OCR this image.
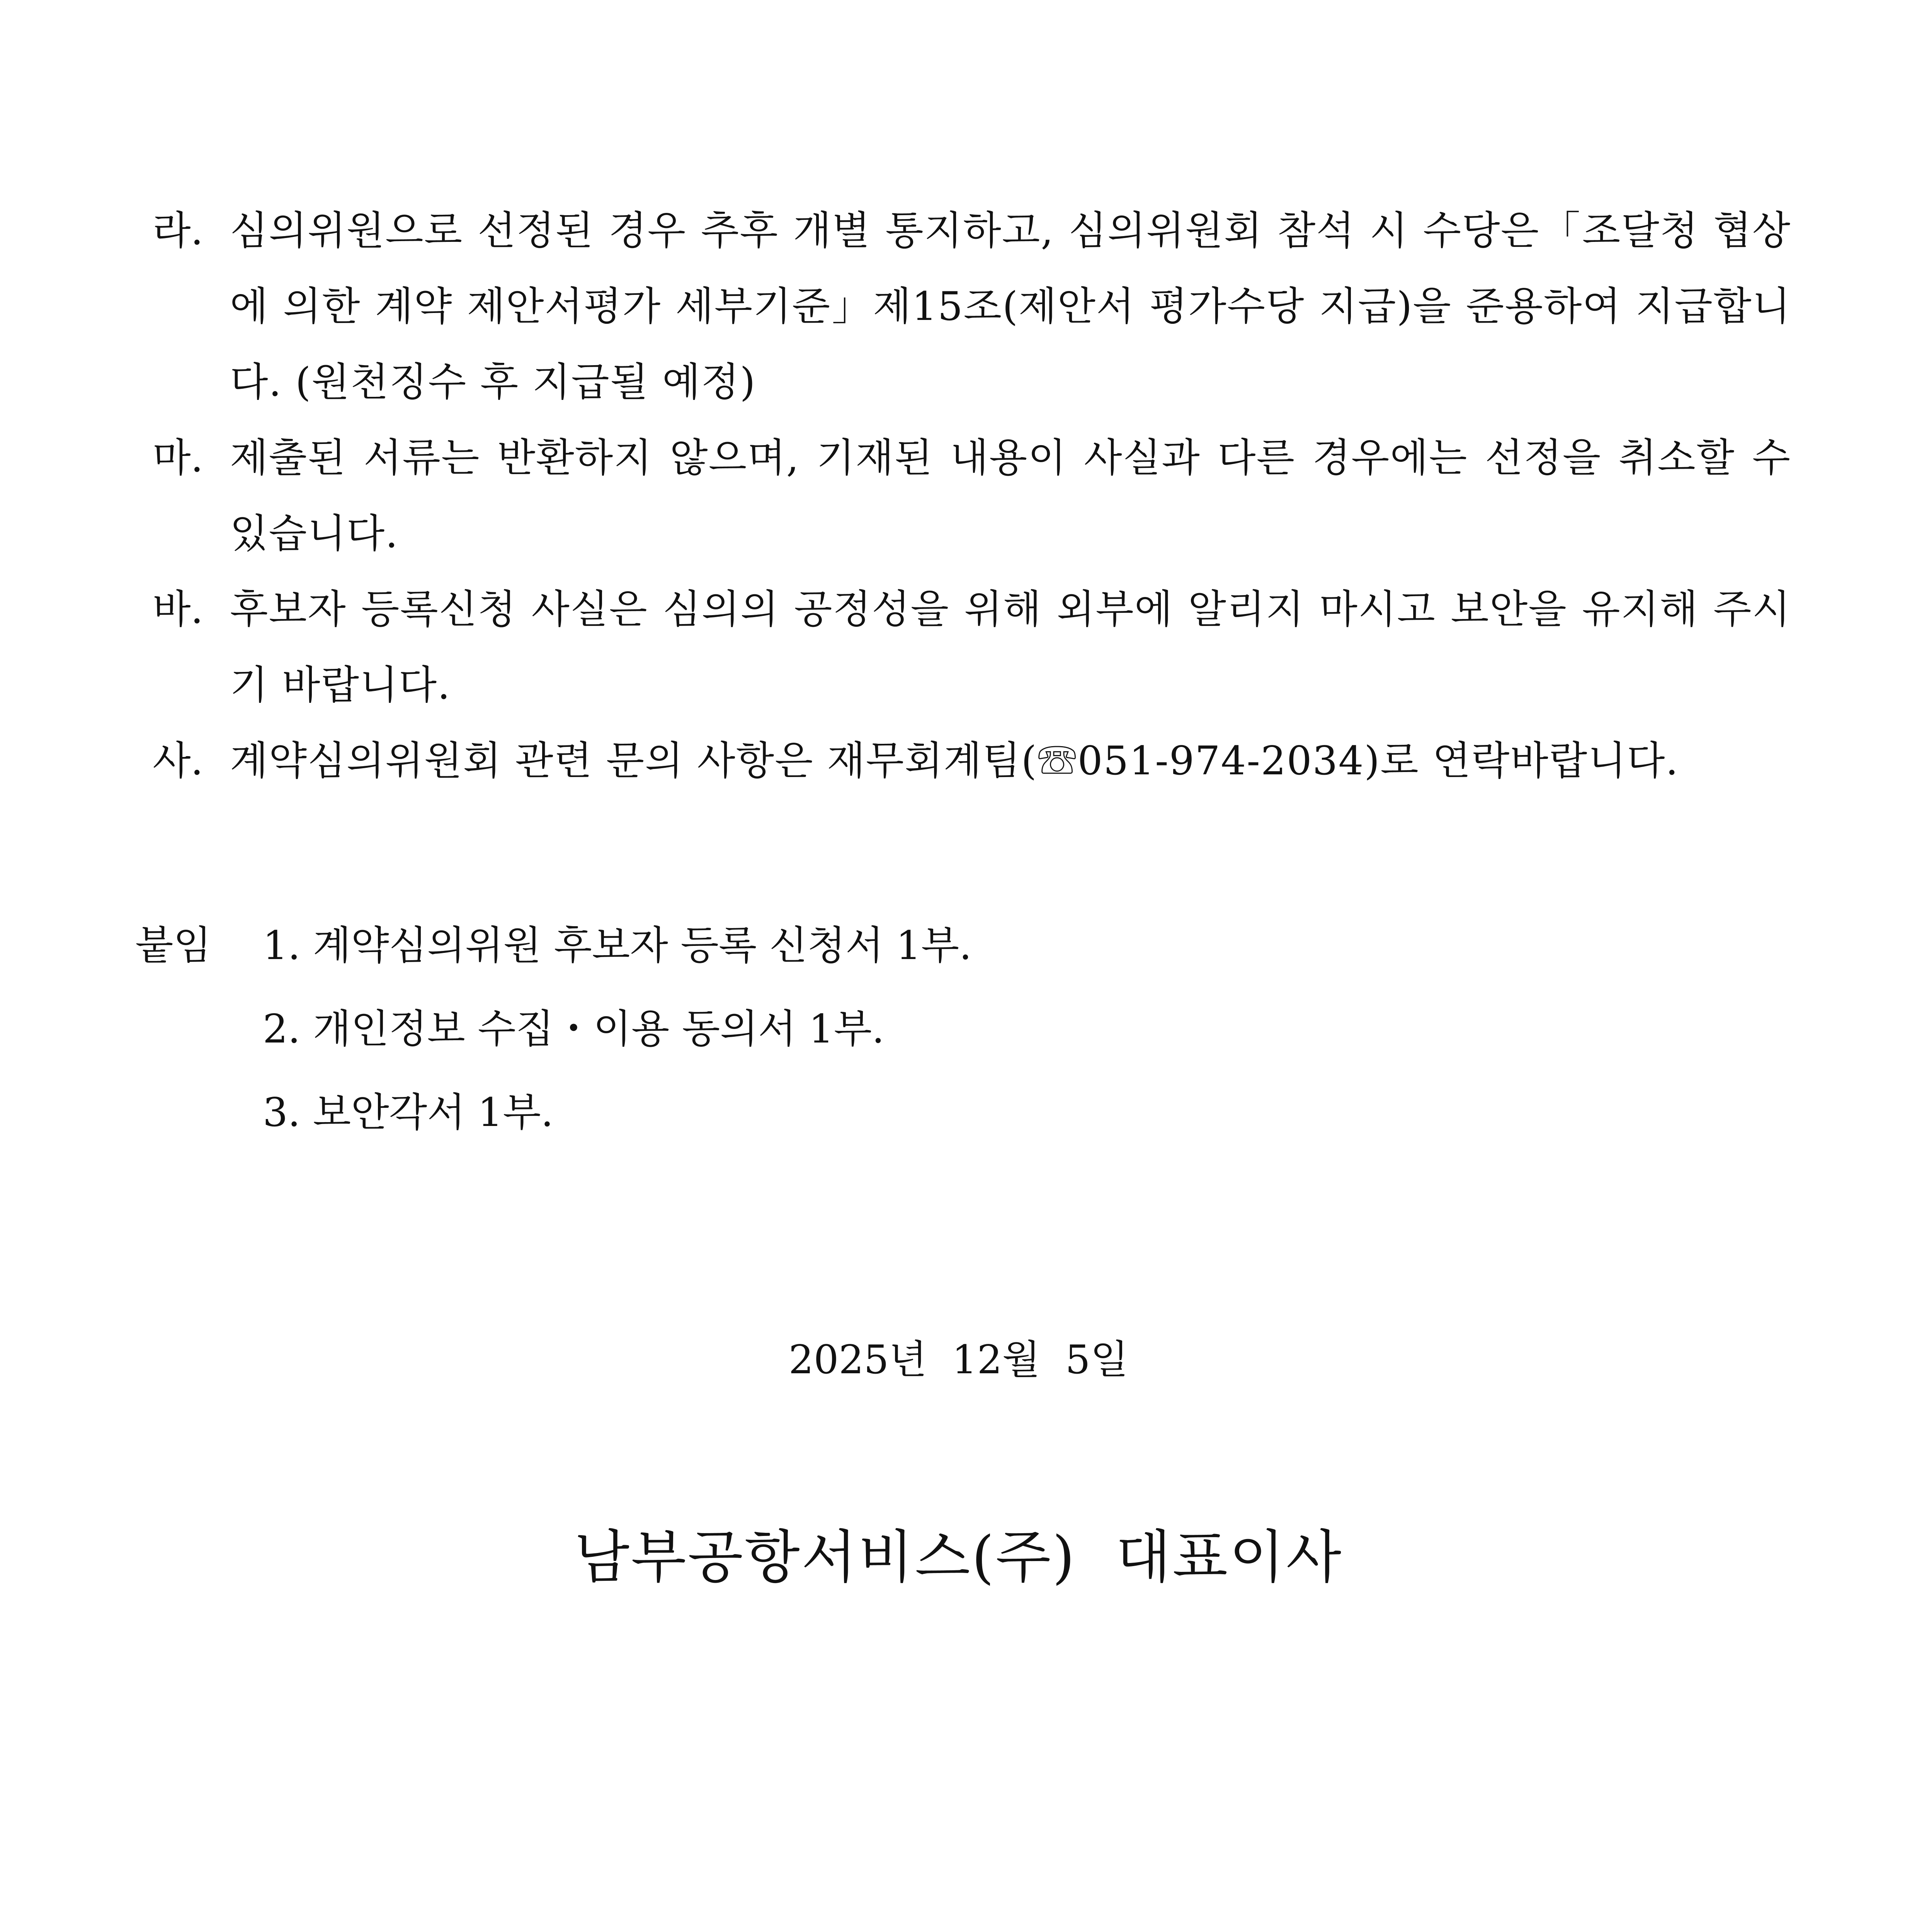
라. 심의위원으로 선정된 경우 추후 개별 통지하고, 심의위원회 참석 시 수당은「조달청 협상에 의한 계약 제안서평가 세부기준」제15조(제안서 평가수당 지급)을 준용하여 지급합니다. (원천징수 후 지급될 예정)
마. 제출된 서류는 반환하지 않으며, 기재된 내용이 사실과 다른 경우에는 선정을 취소할 수 있습니다.
바. 후보자 등록신청 사실은 심의의 공정성을 위해 외부에 알리지 마시고 보안을 유지해 주시기 바랍니다.
사. 계약심의위원회 관련 문의 사항은 재무회계팀(☏051-974-2034)로 연락바랍니다.
붙임	1. 계약심의위원 후보자 등록 신청서 1부.
2. 개인정보 수집・이용 동의서 1부.
3. 보안각서 1부.
2025년  12월  5일
남부공항서비스(주)  대표이사
